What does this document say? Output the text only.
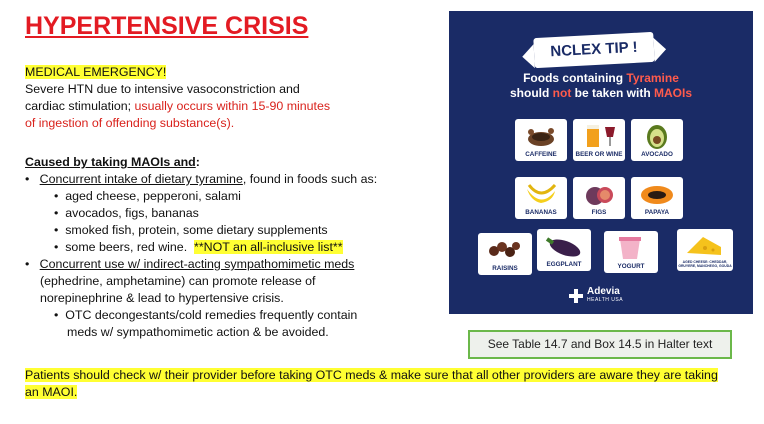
HYPERTENSIVE CRISIS
MEDICAL EMERGENCY!
Severe HTN due to intensive vasoconstriction and
cardiac stimulation; usually occurs within 15-90 minutes
of ingestion of offending substance(s).
Caused by taking MAOIs and:
•   Concurrent intake of dietary tyramine, found in foods such as:
•  aged cheese, pepperoni, salami
•  avocados, figs, bananas
•  smoked fish, protein, some dietary supplements
•  some beers, red wine. **NOT an all-inclusive list**
•   Concurrent use w/ indirect-acting sympathomimetic meds
(ephedrine, amphetamine) can promote release of
norepinephrine & lead to hypertensive crisis.
•  OTC decongestants/cold remedies frequently contain
meds w/ sympathomimetic action & be avoided.
Patients should check w/ their provider before taking OTC meds & make sure that all other providers are aware they are taking
an MAOI.
See Table 14.7 and Box 14.5 in Halter text
NCLEX TIP !
Foods containing Tyramine
should not be taken with MAOIs
CAFFEINE	BEER OR WINE	AVOCADO
BANANAS	FIGS	PAPAYA
RAISINS
EGGPLANT	YOGURT
AGED CHEESE: CHEDDAR, GRUYERE, MANCHEGO, GOUDA
Adevia
HEALTH USA
